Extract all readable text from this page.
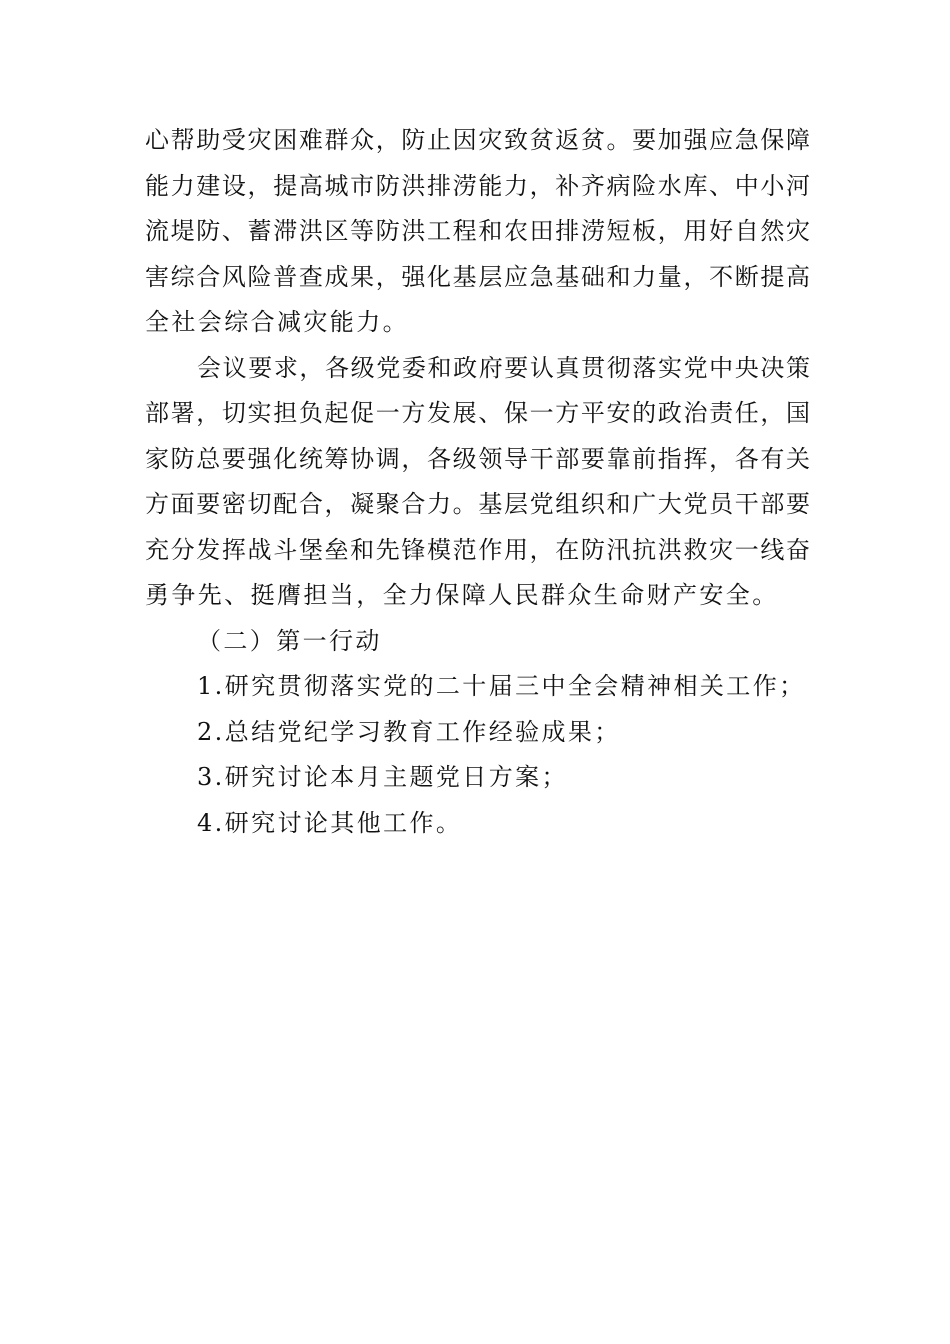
心帮助受灾困难群众，防止因灾致贫返贫。要加强应急保障
能力建设，提高城市防洪排涝能力，补齐病险水库、中小河
流堤防、蓄滞洪区等防洪工程和农田排涝短板，用好自然灾
害综合风险普查成果，强化基层应急基础和力量，不断提高
全社会综合减灾能力。
会议要求，各级党委和政府要认真贯彻落实党中央决策
部署，切实担负起促一方发展、保一方平安的政治责任，国
家防总要强化统筹协调，各级领导干部要靠前指挥，各有关
方面要密切配合，凝聚合力。基层党组织和广大党员干部要
充分发挥战斗堡垒和先锋模范作用，在防汛抗洪救灾一线奋
勇争先、挺膺担当，全力保障人民群众生命财产安全。
（二）第一行动
1.研究贯彻落实党的二十届三中全会精神相关工作；
2.总结党纪学习教育工作经验成果；
3.研究讨论本月主题党日方案；
4.研究讨论其他工作。
